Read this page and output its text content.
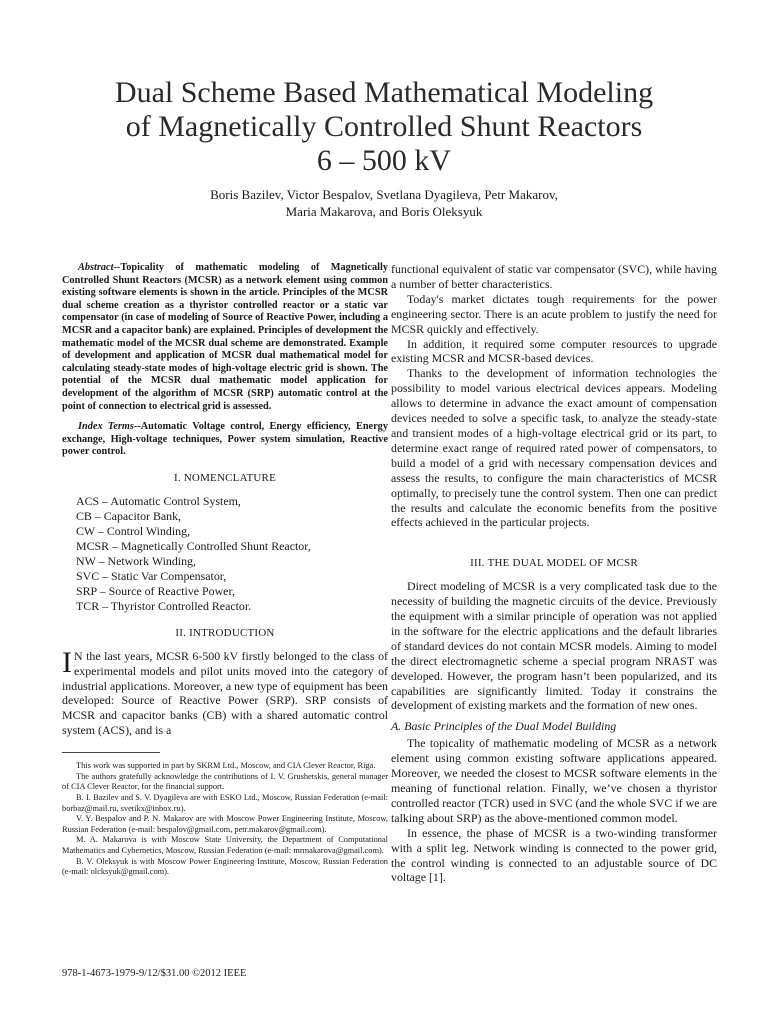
Dual Scheme Based Mathematical Modeling
of Magnetically Controlled Shunt Reactors
6 – 500 kV
Boris Bazilev, Victor Bespalov, Svetlana Dyagileva, Petr Makarov,
Maria Makarova, and Boris Oleksyuk

Abstract--Topicality of mathematic modeling of Magnetically Controlled Shunt Reactors (MCSR) as a network element using common existing software elements is shown in the article. Principles of the MCSR dual scheme creation as a thyristor controlled reactor or a static var compensator (in case of modeling of Source of Reactive Power, including a MCSR and a capacitor bank) are explained. Principles of development the mathematic model of the MCSR dual scheme are demonstrated. Example of development and application of MCSR dual mathematical model for calculating steady-state modes of high-voltage electric grid is shown. The potential of the MCSR dual mathematic model application for development of the algorithm of MCSR (SRP) automatic control at the point of connection to electrical grid is assessed.

Index Terms--Automatic Voltage control, Energy efficiency, Energy exchange, High-voltage techniques, Power system simulation, Reactive power control.

I. NOMENCLATURE
ACS – Automatic Control System,
CB – Capacitor Bank,
CW – Control Winding,
MCSR – Magnetically Controlled Shunt Reactor,
NW – Network Winding,
SVC – Static Var Compensator,
SRP – Source of Reactive Power,
TCR – Thyristor Controlled Reactor.
II. INTRODUCTION

I N the last years, MCSR 6-500 kV firstly belonged to the class of experimental models and pilot units moved into the category of industrial applications. Moreover, a new type of equipment has been developed: Source of Reactive Power (SRP). SRP consists of MCSR and capacitor banks (CB) with a shared automatic control system (ACS), and is a

This work was supported in part by SKRM Ltd., Moscow, and CIA Clever Reactor, Riga.

The authors gratefully acknowledge the contributions of I. V. Grushetskis, general manager of CIA Clever Reactor, for the financial support.

B. I. Bazilev and S. V. Dyagileva are with ESKO Ltd., Moscow, Russian Federation (e-mail: borbaz@mail.ru, svetikx@inbox.ru).

V. Y. Bespalov and P. N. Makarov are with Moscow Power Engineering Institute, Moscow, Russian Federation (e-mail: bespalov@gmail.com, petr.makarov@gmail.com).

M. A. Makarova is with Moscow State University, the Department of Computational Mathematics and Cybernetics, Moscow, Russian Federation (e-mail: mrmakarova@gmail.com).

B. V. Oleksyuk is with Moscow Power Engineering Institute, Moscow, Russian Federation (e-mail: olcksyuk@gmail.com).

978-1-4673-1979-9/12/$31.00 ©2012 IEEE

functional equivalent of static var compensator (SVC), while having a number of better characteristics.

Today's market dictates tough requirements for the power engineering sector. There is an acute problem to justify the need for MCSR quickly and effectively.

In addition, it required some computer resources to upgrade existing MCSR and MCSR-based devices.

Thanks to the development of information technologies the possibility to model various electrical devices appears. Modeling allows to determine in advance the exact amount of compensation devices needed to solve a specific task, to analyze the steady-state and transient modes of a high-voltage electrical grid or its part, to determine exact range of required rated power of compensators, to build a model of a grid with necessary compensation devices and assess the results, to configure the main characteristics of MCSR optimally, to precisely tune the control system. Then one can predict the results and calculate the economic benefits from the positive effects achieved in the particular projects.

III. THE DUAL MODEL OF MCSR

Direct modeling of MCSR is a very complicated task due to the necessity of building the magnetic circuits of the device. Previously the equipment with a similar principle of operation was not applied in the software for the electric applications and the default libraries of standard devices do not contain MCSR models. Aiming to model the direct electromagnetic scheme a special program NRAST was developed. However, the program hasn’t been popularized, and its capabilities are significantly limited. Today it constrains the development of existing markets and the formation of new ones.

A. Basic Principles of the Dual Model Building

The topicality of mathematic modeling of MCSR as a network element using common existing software applications appeared. Moreover, we needed the closest to MCSR software elements in the meaning of functional relation. Finally, we’ve chosen a thyristor controlled reactor (TCR) used in SVC (and the whole SVC if we are talking about SRP) as the above-mentioned common model.

In essence, the phase of MCSR is a two-winding transformer with a split leg. Network winding is connected to the power grid, the control winding is connected to an adjustable source of DC voltage [1].
